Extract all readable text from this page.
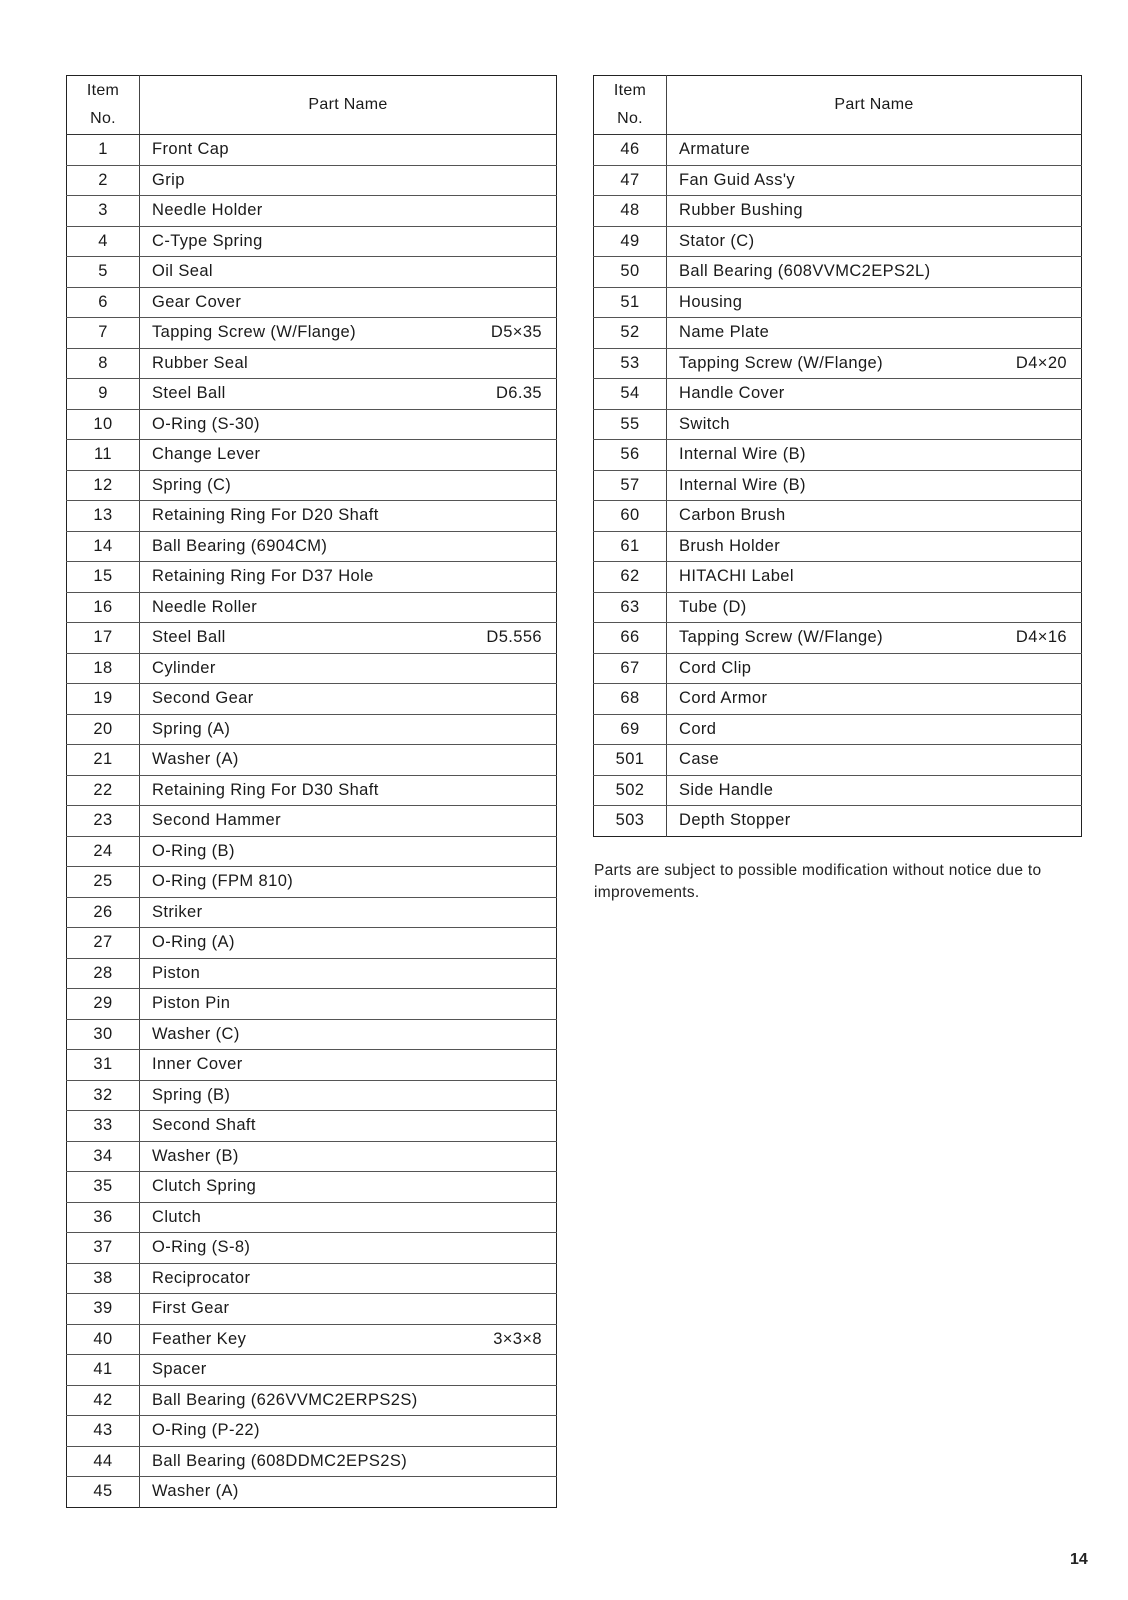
Item
No.	Part Name
1	Front Cap
2	Grip
3	Needle Holder
4	C-Type Spring
5	Oil Seal
6	Gear Cover
7	Tapping Screw (W/Flange) D5×35

8	Rubber Seal
9	Steel Ball D6.35

10	O-Ring (S-30)
11	Change Lever
12	Spring (C)
13	Retaining Ring For D20 Shaft
14	Ball Bearing (6904CM)
15	Retaining Ring For D37 Hole
16	Needle Roller
17	Steel Ball D5.556

18	Cylinder
19	Second Gear
20	Spring (A)
21	Washer (A)
22	Retaining Ring For D30 Shaft
23	Second Hammer
24	O-Ring (B)
25	O-Ring (FPM 810)
26	Striker
27	O-Ring (A)
28	Piston
29	Piston Pin
30	Washer (C)
31	Inner Cover
32	Spring (B)
33	Second Shaft
34	Washer (B)
35	Clutch Spring
36	Clutch
37	O-Ring (S-8)
38	Reciprocator
39	First Gear
40	Feather Key 3×3×8

41	Spacer
42	Ball Bearing (626VVMC2ERPS2S)
43	O-Ring (P-22)
44	Ball Bearing (608DDMC2EPS2S)
45	Washer (A)
Item
No.	Part Name
46	Armature
47	Fan Guid Ass'y
48	Rubber Bushing
49	Stator (C)
50	Ball Bearing (608VVMC2EPS2L)
51	Housing
52	Name Plate
53	Tapping Screw (W/Flange) D4×20

54	Handle Cover
55	Switch
56	Internal Wire (B)
57	Internal Wire (B)
60	Carbon Brush
61	Brush Holder
62	HITACHI Label
63	Tube (D)
66	Tapping Screw (W/Flange) D4×16

67	Cord Clip
68	Cord Armor
69	Cord
501	Case
502	Side Handle
503	Depth Stopper

Parts are subject to possible modification without notice due to improvements.

14
